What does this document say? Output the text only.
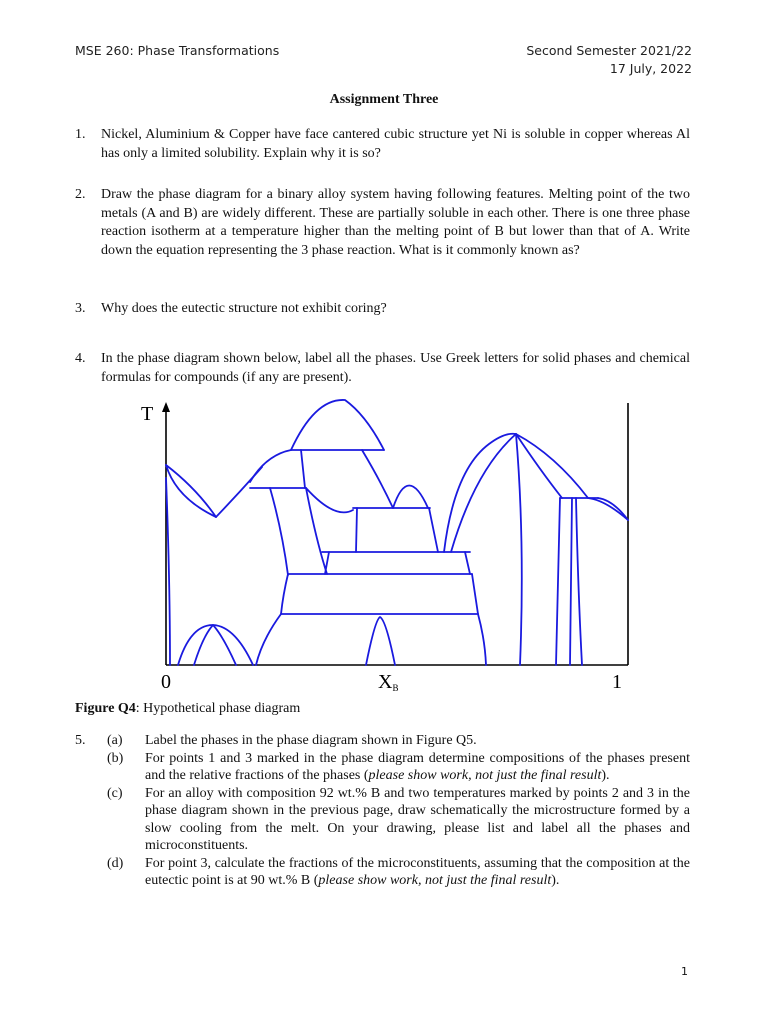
MSE 260: Phase Transformations	Second Semester 2021/22
17 July, 2022
Assignment Three
1. Nickel, Aluminium & Copper have face cantered cubic structure yet Ni is soluble in copper whereas Al has only a limited solubility. Explain why it is so?
2. Draw the phase diagram for a binary alloy system having following features. Melting point of the two metals (A and B) are widely different. These are partially soluble in each other. There is one three phase reaction isotherm at a temperature higher than the melting point of B but lower than that of A. Write down the equation representing the 3 phase reaction. What is it commonly known as?
3. Why does the eutectic structure not exhibit coring?
4. In the phase diagram shown below, label all the phases. Use Greek letters for solid phases and chemical formulas for compounds (if any are present).
T
0	XB	1
Figure Q4: Hypothetical phase diagram
5. (a) Label the phases in the phase diagram shown in Figure Q5.
(b) For points 1 and 3 marked in the phase diagram determine compositions of the phases present and the relative fractions of the phases (please show work, not just the final result).
(c) For an alloy with composition 92 wt.% B and two temperatures marked by points 2 and 3 in the phase diagram shown in the previous page, draw schematically the microstructure formed by a slow cooling from the melt. On your drawing, please list and label all the phases and microconstituents.
(d) For point 3, calculate the fractions of the microconstituents, assuming that the composition at the eutectic point is at 90 wt.% B (please show work, not just the final result).
1
